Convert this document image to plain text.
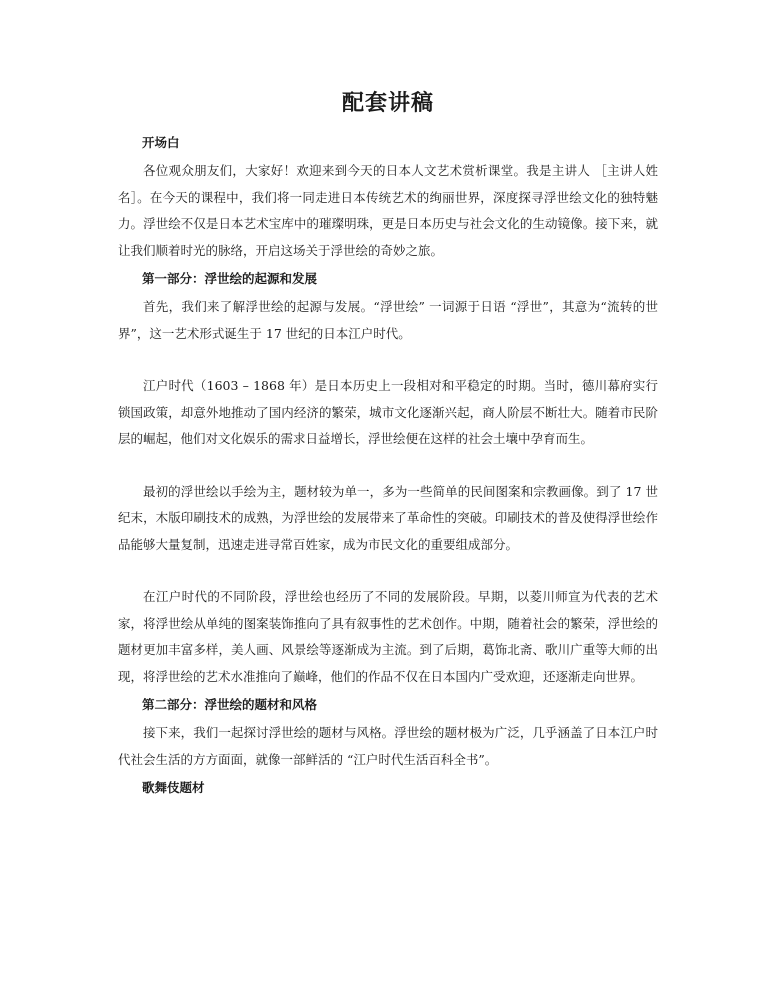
配套讲稿
开场白

各位观众朋友们，大家好！欢迎来到今天的日本人文艺术赏析课堂。我是主讲人 ［主讲人姓名］。在今天的课程中，我们将一同走进日本传统艺术的绚丽世界，深度探寻浮世绘文化的独特魅力。浮世绘不仅是日本艺术宝库中的璀璨明珠，更是日本历史与社会文化的生动镜像。接下来，就让我们顺着时光的脉络，开启这场关于浮世绘的奇妙之旅。

第一部分：浮世绘的起源和发展

首先，我们来了解浮世绘的起源与发展。“浮世绘” 一词源于日语 “浮世”，其意为“流转的世界”，这一艺术形式诞生于 17 世纪的日本江户时代。

江户时代（1603 – 1868 年）是日本历史上一段相对和平稳定的时期。当时，德川幕府实行锁国政策，却意外地推动了国内经济的繁荣，城市文化逐渐兴起，商人阶层不断壮大。随着市民阶层的崛起，他们对文化娱乐的需求日益增长，浮世绘便在这样的社会土壤中孕育而生。

最初的浮世绘以手绘为主，题材较为单一，多为一些简单的民间图案和宗教画像。到了 17 世纪末，木版印刷技术的成熟，为浮世绘的发展带来了革命性的突破。印刷技术的普及使得浮世绘作品能够大量复制，迅速走进寻常百姓家，成为市民文化的重要组成部分。

在江户时代的不同阶段，浮世绘也经历了不同的发展阶段。早期，以菱川师宣为代表的艺术家，将浮世绘从单纯的图案装饰推向了具有叙事性的艺术创作。中期，随着社会的繁荣，浮世绘的题材更加丰富多样，美人画、风景绘等逐渐成为主流。到了后期，葛饰北斋、歌川广重等大师的出现，将浮世绘的艺术水准推向了巅峰，他们的作品不仅在日本国内广受欢迎，还逐渐走向世界。

第二部分：浮世绘的题材和风格

接下来，我们一起探讨浮世绘的题材与风格。浮世绘的题材极为广泛，几乎涵盖了日本江户时代社会生活的方方面面，就像一部鲜活的 “江户时代生活百科全书”。

歌舞伎题材
